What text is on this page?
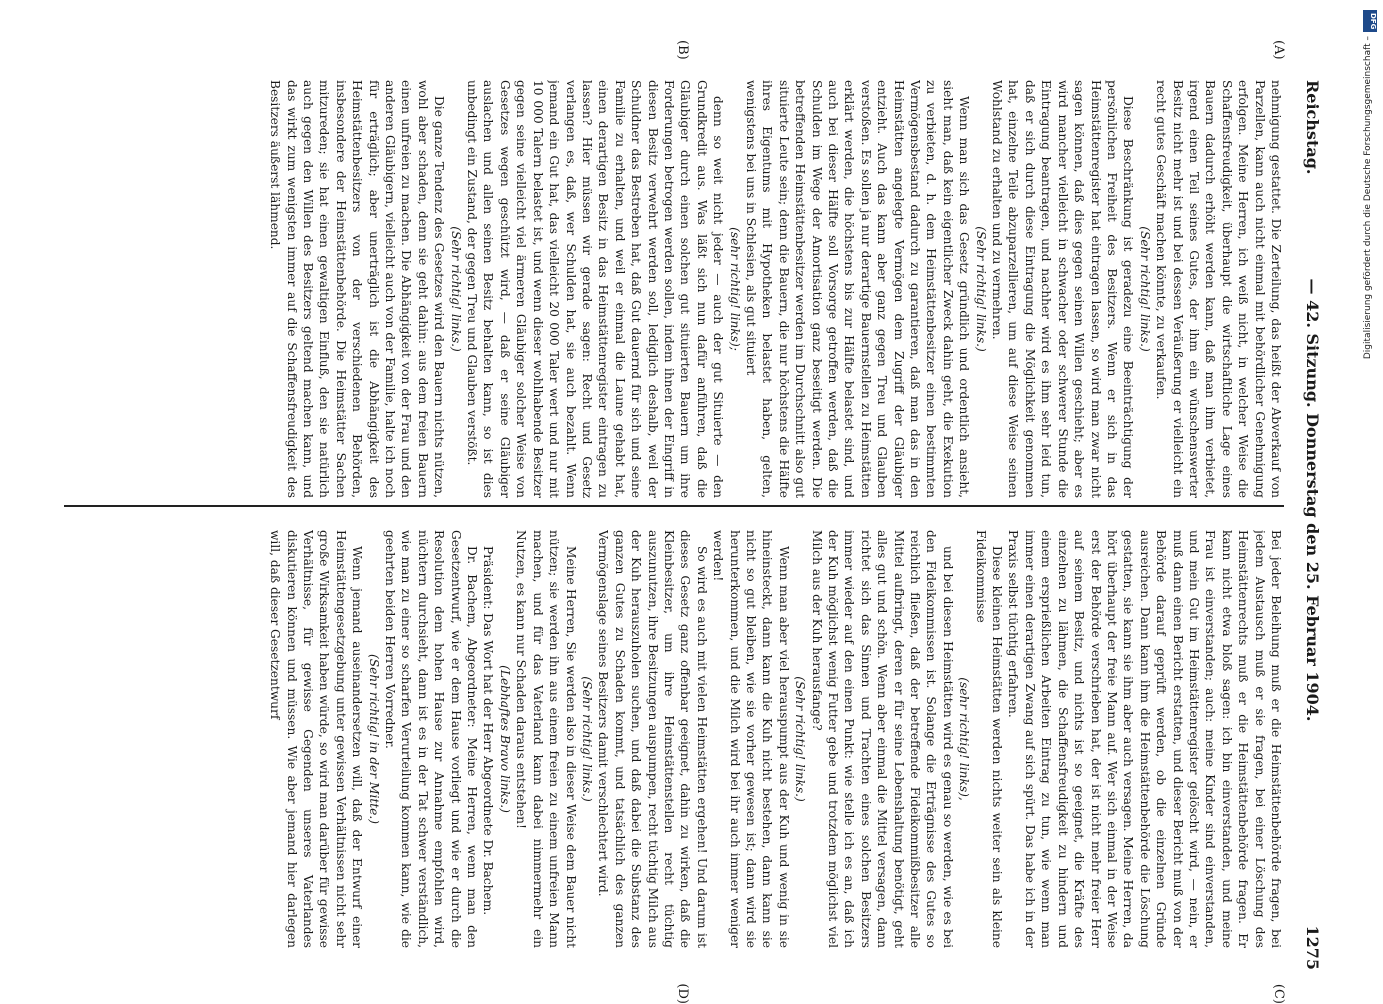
Reichstag.
— 42. Sitzung. Donnerstag den 25. Februar 1904.
1275
(A)
(B)
(C)
(D)

nehmigung gestattet. Die Zerteilung, das heißt der Abverkauf von Parzellen, kann auch nicht einmal mit behördlicher Genehmigung erfolgen. Meine Herren, ich weiß nicht, in welcher Weise die Schaffensfreudigkeit, überhaupt die wirtschaftliche Lage eines Bauern dadurch erhöht werden kann, daß man ihm verbietet, irgend einen Teil seines Gutes, der ihm ein wünschenswerter Besitz nicht mehr ist und bei dessen Veräußerung er vielleicht ein recht gutes Geschäft machen könnte, zu verkaufen.

(Sehr richtig! links.)

Diese Beschränkung ist geradezu eine Beeinträchtigung der persönlichen Freiheit des Besitzers. Wenn er sich in das Heimstättenregister hat eintragen lassen, so wird man zwar nicht sagen können, daß dies gegen seinen Willen geschieht; aber es wird mancher vielleicht in schwacher oder schwerer Stunde die Eintragung beantragen, und nachher wird es ihm sehr leid tun, daß er sich durch diese Eintragung die Möglichkeit genommen hat, einzelne Teile abzuparzellieren, um auf diese Weise seinen Wohlstand zu erhalten und zu vermehren.

(Sehr richtig! links.)

Wenn man sich das Gesetz gründlich und ordentlich ansieht, sieht man, daß kein eigentlicher Zweck dahin geht, die Exekution zu verbieten, d. h. dem Heimstättenbesitzer einen bestimmten Vermögensbestand dadurch zu garantieren, daß man das in den Heimstätten angelegte Vermögen dem Zugriff der Gläubiger entzieht. Auch das kann aber ganz gegen Treu und Glauben verstoßen. Es sollen ja nur derartige Bauernstellen zu Heimstätten erklärt werden, die höchstens bis zur Hälfte belastet sind, und auch bei dieser Hälfte soll Vorsorge getroffen werden, daß die Schulden im Wege der Amortisation ganz beseitigt werden. Die betreffenden Heimstättenbesitzer werden im Durchschnitt also gut situierte Leute sein; denn die Bauern, die nur höchstens die Hälfte ihres Eigentums mit Hypotheken belastet haben, gelten, wenigstens bei uns in Schlesien, als gut situiert

(sehr richtig! links);

denn so weit nicht jeder — auch der gut Situierte — den Grundkredit aus. Was läßt sich nun dafür anführen, daß die Gläubiger durch einen solchen gut situierten Bauern um ihre Forderungen betrogen werden sollen, indem ihnen der Eingriff in diesen Besitz verwehrt werden soll, lediglich deshalb, weil der Schuldner das Bestreben hat, daß Gut dauernd für sich und seine Familie zu erhalten, und weil er einmal die Laune gehabt hat, einen derartigen Besitz in das Heimstättenregister eintragen zu lassen? Hier müssen wir gerade sagen: Recht und Gesetz verlangen es, daß, wer Schulden hat, sie auch bezahlt. Wenn jemand ein Gut hat, das vielleicht 20 000 Taler wert und nur mit 10 000 Talern belastet ist, und wenn dieser wohlhabende Besitzer gegen seine vielleicht viel ärmeren Gläubiger solcher Weise von Gesetzes wegen geschützt wird, — daß er seine Gläubiger auslachen und allen seinen Besitz behalten kann, so ist dies unbedingt ein Zustand, der gegen Treu und Glauben verstößt.

(Sehr richtig! links.)

Die ganze Tendenz des Gesetzes wird den Bauern nichts nützen, wohl aber schaden, denn sie geht dahin: aus dem freien Bauern einen unfreien zu machen. Die Abhängigkeit von der Frau und den anderen Gläubigern, vielleicht auch von der Familie, halte ich noch für erträglich; aber unerträglich ist die Abhängigkeit des Heimstättenbesitzers von der verschiedenen Behörden, insbesondere der Heimstättenbehörde. Die Heimstätter Sachen mitzureden; sie hat einen gewaltigen Einfluß, den sie natürlich auch gegen den Willen des Besitzers geltend machen kann, und das wirkt zum wenigsten immer auf die Schaffensfreudigkeit des Besitzers äußerst lähmend.

Bei jeder Beleihung muß er die Heimstättenbehörde fragen, bei jedem Austausch muß er sie fragen, bei einer Löschung des Heimstättenrechts muß er die Heimstättenbehörde fragen. Er kann nicht etwa bloß sagen: ich bin einverstanden, und meine Frau ist einverstanden; auch: meine Kinder sind einverstanden, und mein Gut im Heimstättenregister gelöscht wird, — nein, er muß dann einen Bericht erstatten, und dieser Bericht muß von der Behörde darauf geprüft werden, ob die einzelnen Gründe ausreichen. Dann kann ihm die Heimstättenbehörde die Löschung gestatten, sie kann sie ihm aber auch versagen. Meine Herren, da hört überhaupt der freie Mann auf. Wer sich einmal in der Weise erst der Behörde verschrieben hat, der ist nicht mehr freier Herr auf seinem Besitz, und nichts ist so geeignet, die Kräfte des einzelnen zu lähmen, die Schaffensfreudigkeit zu hindern und einem ersprießlichen Arbeiten Eintrag zu tun, wie wenn man immer einen derartigen Zwang auf sich spürt. Das habe ich in der Praxis selbst tüchtig erfahren.

Diese kleinen Heimstätten werden nichts weiter sein als kleine Fideikommisse

(sehr richtig! links),

und bei diesen Heimstätten wird es genau so werden, wie es bei den Fideikommissen ist. Solange die Erträgnisse des Gutes so reichlich fließen, daß der betreffende Fideikommißbesitzer alle Mittel aufbringt, deren er für seine Lebenshaltung benötigt, geht alles gut und schön. Wenn aber einmal die Mittel versagen, dann richtet sich das Sinnen und Trachten eines solchen Besitzers immer wieder auf den einen Punkt: wie stelle ich es an, daß ich der Kuh möglichst wenig Futter gebe und trotzdem möglichst viel Milch aus der Kuh herausfange?

(Sehr richtig! links.)

Wenn man aber viel herauspumpt aus der Kuh und wenig in sie hineinsteckt, dann kann die Kuh nicht bestehen, dann kann sie nicht so gut bleiben, wie sie vorher gewesen ist; dann wird sie herunterkommen, und die Milch wird bei ihr auch immer weniger werden!

So wird es auch mit vielen Heimstätten ergehen! Und darum ist dieses Gesetz ganz offenbar geeignet, dahin zu wirken, daß die Kleinbesitzer, um ihre Heimstättenstellen recht tüchtig auszunutzen, ihre Besitzungen auspumpen, recht tüchtig Milch aus der Kuh herauszuholen suchen, und daß dabei die Substanz des ganzen Gutes zu Schaden kommt, und tatsächlich des ganzen Vermögenslage seines Besitzers damit verschlechtert wird.

(Sehr richtig! links.)

Meine Herren, Sie werden also in dieser Weise dem Bauer nicht nützen; sie werden ihn aus einem freien zu einem unfreien Mann machen, und für das Vaterland kann dabei nimmermehr ein Nutzen, es kann nur Schaden daraus entstehen!

(Lebhaftes Bravo links.)

Präsident: Das Wort hat der Herr Abgeordnete Dr. Bachem.

Dr. Bachem, Abgeordneter: Meine Herren, wenn man den Gesetzentwurf, wie er dem Hause vorliegt und wie er durch die Resolution dem hohen Hause zur Annahme empfohlen wird, nüchtern durchsieht, dann ist es in der Tat schwer verständlich, wie man zu einer so scharfen Verurteilung kommen kann, wie die geehrten beiden Herren Vorredner.

(Sehr richtig! in der Mitte.)

Wenn jemand auseinandersetzen will, daß der Entwurf einer Heimstättengesetzgebung unter gewissen Verhältnissen nicht sehr große Wirksamkeit haben würde, so wird man darüber für gewisse Verhältnisse, für gewisse Gegenden unseres Vaterlandes diskutieren können und müssen. Wie aber jemand hier darlegen will, daß dieser Gesetzentwurf

DFG
Digitalisierung gefördert durch die Deutsche Forschungsgemeinschaft –
